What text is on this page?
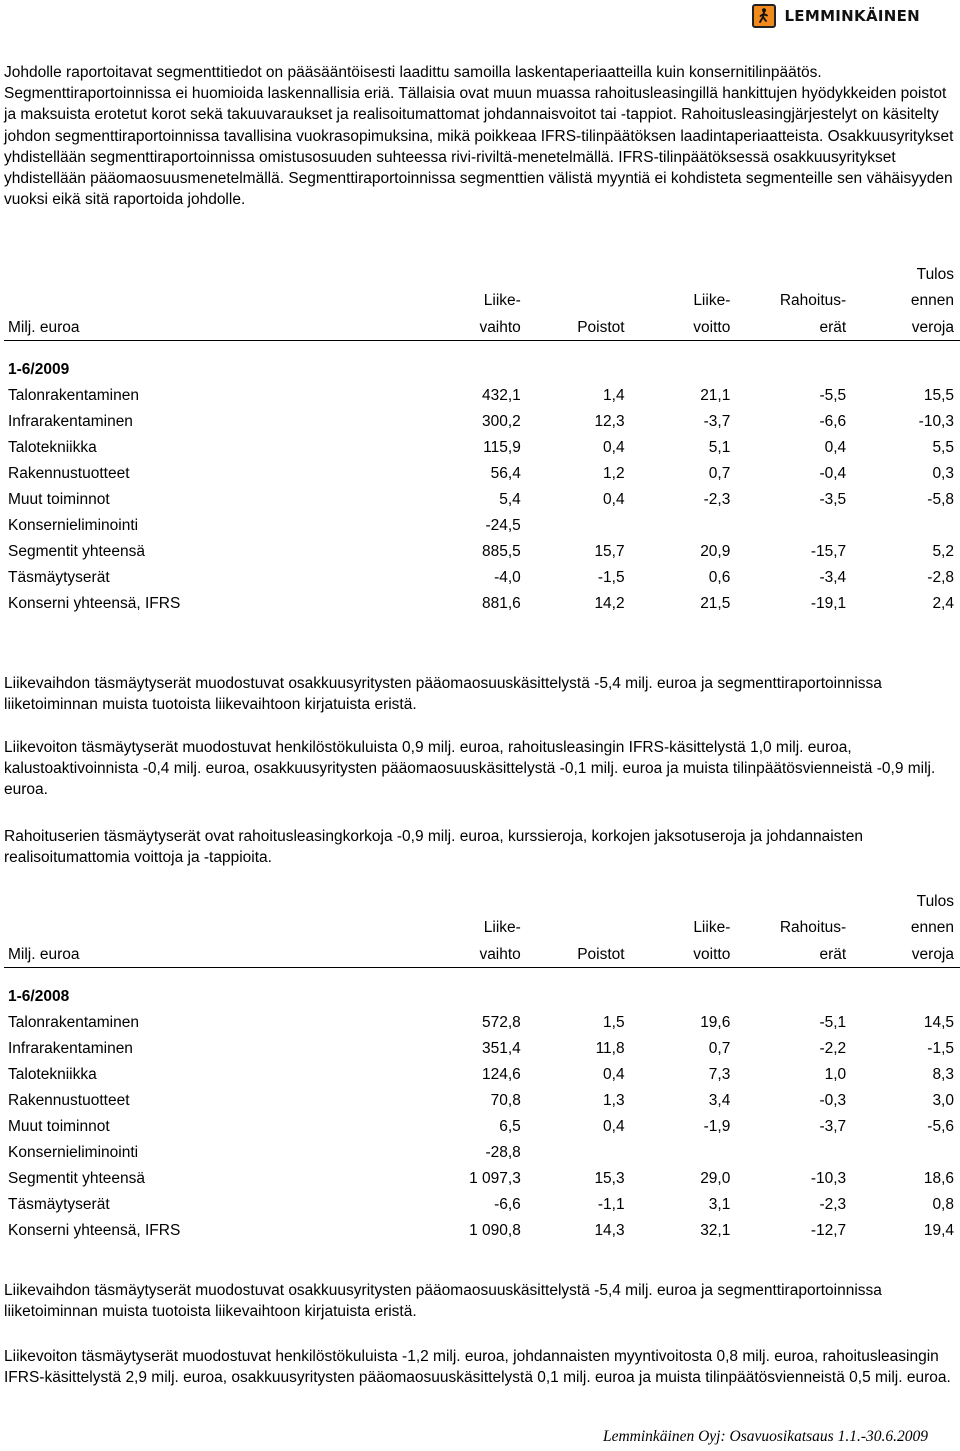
LEMMINKÄINEN

Johdolle raportoitavat segmenttitiedot on pääsääntöisesti laadittu samoilla laskentaperiaatteilla kuin konsernitilinpäätös. Segmenttiraportoinnissa ei huomioida laskennallisia eriä. Tällaisia ovat muun muassa rahoitusleasingillä hankittujen hyödykkeiden poistot ja maksuista erotetut korot sekä takuuvaraukset ja realisoitumattomat johdannaisvoitot tai -tappiot. Rahoitusleasingjärjestelyt on käsitelty johdon segmenttiraportoinnissa tavallisina vuokrasopimuksina, mikä poikkeaa IFRS-tilinpäätöksen laadintaperiaatteista. Osakkuusyritykset yhdistellään segmenttiraportoinnissa omistusosuuden suhteessa rivi-riviltä-menetelmällä. IFRS-tilinpäätöksessä osakkuusyritykset yhdistellään pääomaosuusmenetelmällä. Segmenttiraportoinnissa segmenttien välistä myyntiä ei kohdisteta segmenteille sen vähäisyyden vuoksi eikä sitä raportoida johdolle.

					Tulos
	Liike-		Liike-	Rahoitus-	ennen
Milj. euroa	vaihto	Poistot	voitto	erät	veroja

1-6/2009					
Talonrakentaminen	432,1	1,4	21,1	-5,5	15,5
Infrarakentaminen	300,2	12,3	-3,7	-6,6	-10,3
Talotekniikka	115,9	0,4	5,1	0,4	5,5
Rakennustuotteet	56,4	1,2	0,7	-0,4	0,3
Muut toiminnot	5,4	0,4	-2,3	-3,5	-5,8
Konsernieliminointi	-24,5				
Segmentit yhteensä	885,5	15,7	20,9	-15,7	5,2
Täsmäytyserät	-4,0	-1,5	0,6	-3,4	-2,8
Konserni yhteensä, IFRS	881,6	14,2	21,5	-19,1	2,4

Liikevaihdon täsmäytyserät muodostuvat osakkuusyritysten pääomaosuuskäsittelystä -5,4 milj. euroa ja segmenttiraportoinnissa liiketoiminnan muista tuotoista liikevaihtoon kirjatuista eristä.

Liikevoiton täsmäytyserät muodostuvat henkilöstökuluista 0,9 milj. euroa, rahoitusleasingin IFRS-käsittelystä 1,0 milj. euroa, kalustoaktivoinnista -0,4 milj. euroa, osakkuusyritysten pääomaosuuskäsittelystä -0,1 milj. euroa ja muista tilinpäätösvienneistä -0,9 milj. euroa.

Rahoituserien täsmäytyserät ovat rahoitusleasingkorkoja -0,9 milj. euroa, kurssieroja, korkojen jaksotuseroja ja johdannaisten realisoitumattomia voittoja ja -tappioita.

					Tulos
	Liike-		Liike-	Rahoitus-	ennen
Milj. euroa	vaihto	Poistot	voitto	erät	veroja

1-6/2008					
Talonrakentaminen	572,8	1,5	19,6	-5,1	14,5
Infrarakentaminen	351,4	11,8	0,7	-2,2	-1,5
Talotekniikka	124,6	0,4	7,3	1,0	8,3
Rakennustuotteet	70,8	1,3	3,4	-0,3	3,0
Muut toiminnot	6,5	0,4	-1,9	-3,7	-5,6
Konsernieliminointi	-28,8				
Segmentit yhteensä	1 097,3	15,3	29,0	-10,3	18,6
Täsmäytyserät	-6,6	-1,1	3,1	-2,3	0,8
Konserni yhteensä, IFRS	1 090,8	14,3	32,1	-12,7	19,4

Liikevaihdon täsmäytyserät muodostuvat osakkuusyritysten pääomaosuuskäsittelystä -5,4 milj. euroa ja segmenttiraportoinnissa liiketoiminnan muista tuotoista liikevaihtoon kirjatuista eristä.

Liikevoiton täsmäytyserät muodostuvat henkilöstökuluista -1,2 milj. euroa, johdannaisten myyntivoitosta 0,8 milj. euroa, rahoitusleasingin IFRS-käsittelystä 2,9 milj. euroa, osakkuusyritysten pääomaosuuskäsittelystä 0,1 milj. euroa ja muista tilinpäätösvienneistä 0,5 milj. euroa.

Lemminkäinen Oyj: Osavuosikatsaus 1.1.-30.6.2009
